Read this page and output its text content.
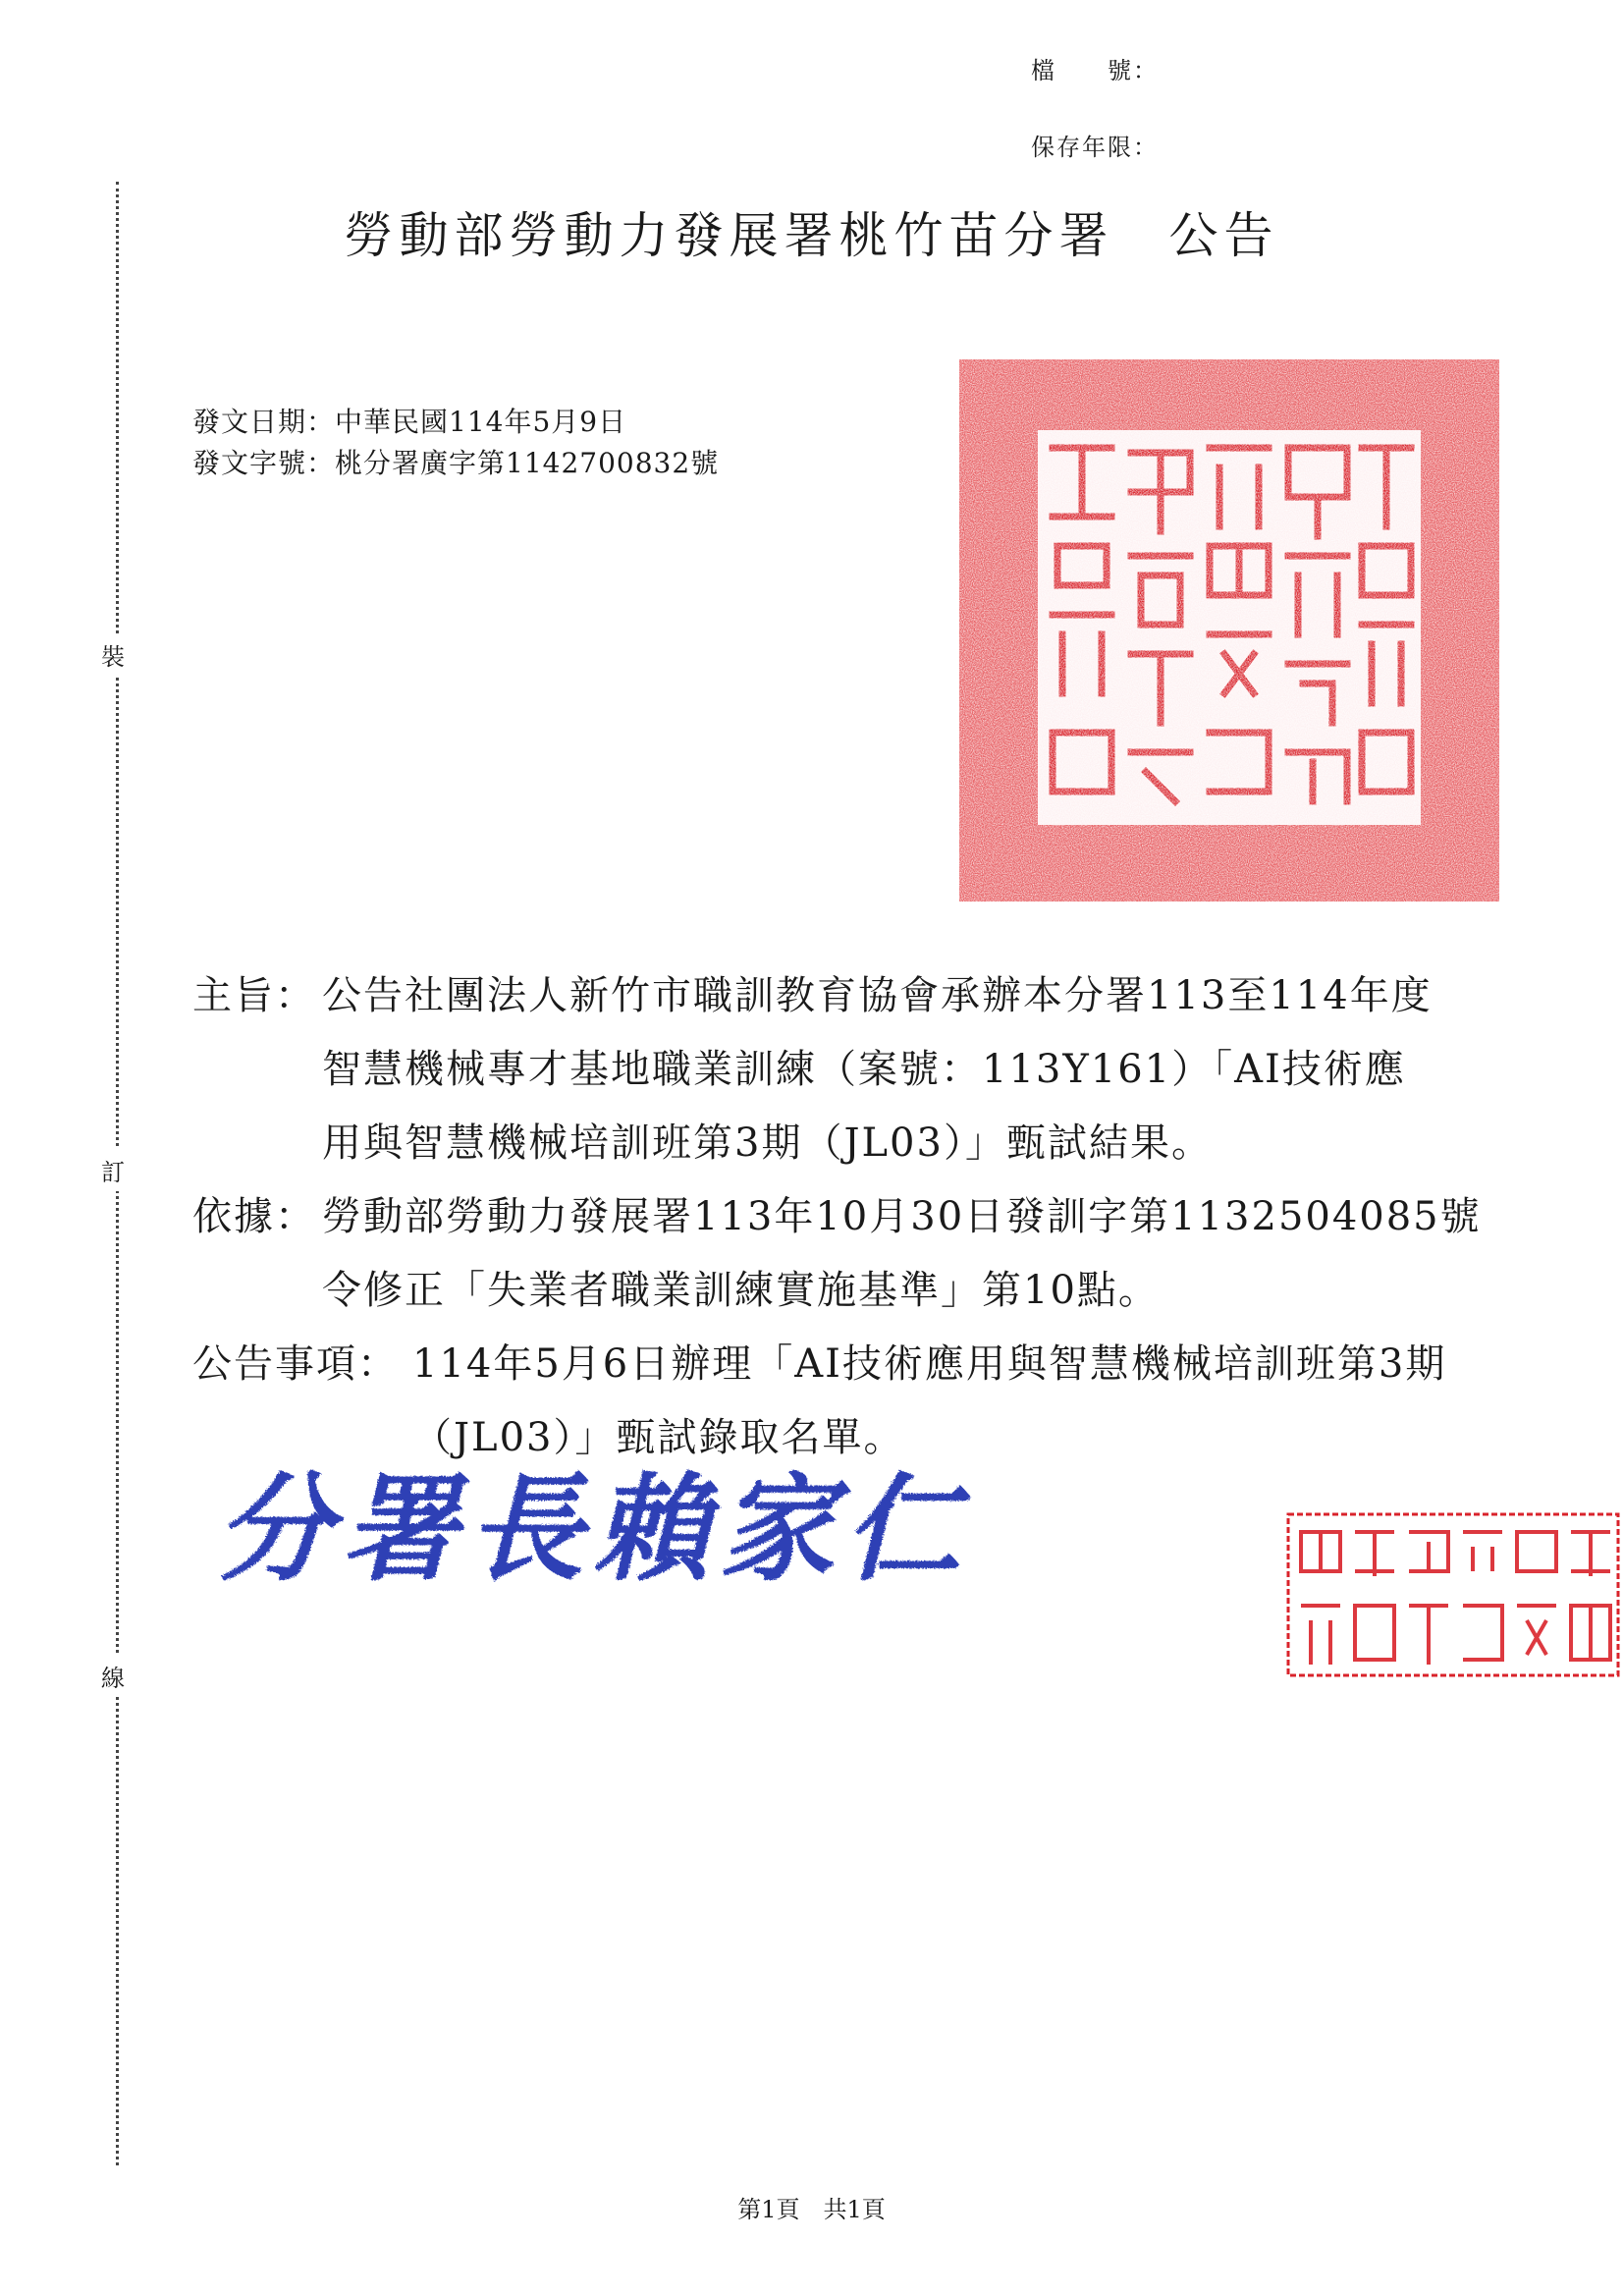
檔　　號：
保存年限：
裝
訂
線
勞動部勞動力發展署桃竹苗分署　公告
發文日期：中華民國114年5月9日
發文字號：桃分署廣字第1142700832號
主旨： 公告社團法人新竹市職訓教育協會承辦本分署113至114年度
智慧機械專才基地職業訓練（案號：113Y161）「AI技術應
用與智慧機械培訓班第3期（JL03）」甄試結果。
依據： 勞動部勞動力發展署113年10月30日發訓字第1132504085號
令修正「失業者職業訓練實施基準」第10點。
公告事項： 114年5月6日辦理「AI技術應用與智慧機械培訓班第3期
（JL03）」甄試錄取名單。
分署長賴家仁
第1頁　共1頁
